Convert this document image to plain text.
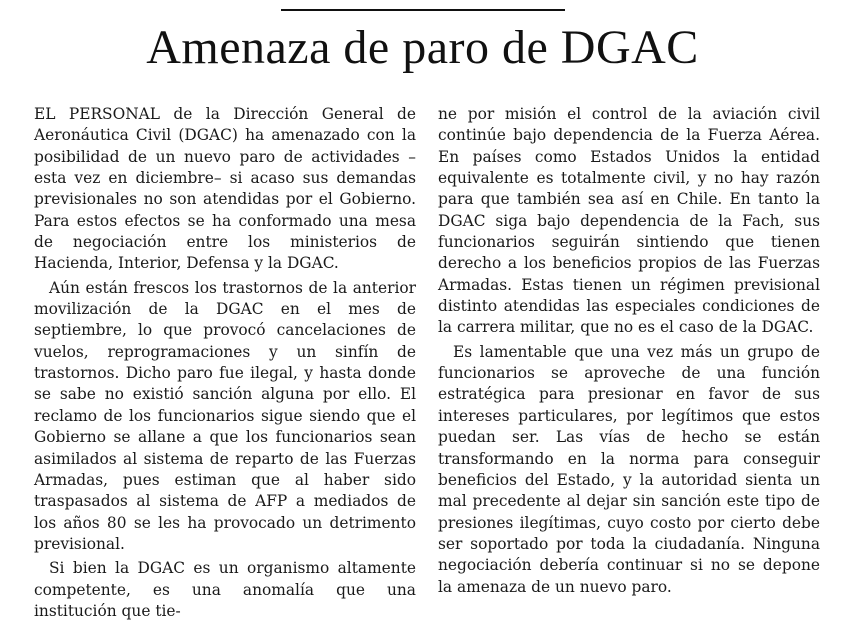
Amenaza de paro de DGAC

EL PERSONAL de la Dirección General de Aeronáutica Civil (DGAC) ha amenazado con la posibilidad de un nuevo paro de actividades –esta vez en diciembre– si acaso sus demandas previsionales no son atendidas por el Gobierno. Para estos efectos se ha conformado una mesa de negociación entre los ministerios de Hacienda, Interior, Defensa y la DGAC.

Aún están frescos los trastornos de la anterior movilización de la DGAC en el mes de septiembre, lo que provocó cancelaciones de vuelos, reprogramaciones y un sinfín de trastornos. Dicho paro fue ilegal, y hasta donde se sabe no existió sanción alguna por ello. El reclamo de los funcionarios sigue siendo que el Gobierno se allane a que los funcionarios sean asimilados al sistema de reparto de las Fuerzas Armadas, pues estiman que al haber sido traspasados al sistema de AFP a mediados de los años 80 se les ha provocado un detrimento previsional.

Si bien la DGAC es un organismo altamente competente, es una anomalía que una institución que tie-

ne por misión el control de la aviación civil continúe bajo dependencia de la Fuerza Aérea. En países como Estados Unidos la entidad equivalente es totalmente civil, y no hay razón para que también sea así en Chile. En tanto la DGAC siga bajo dependencia de la Fach, sus funcionarios seguirán sintiendo que tienen derecho a los beneficios propios de las Fuerzas Armadas. Estas tienen un régimen previsional distinto atendidas las especiales condiciones de la carrera militar, que no es el caso de la DGAC.

Es lamentable que una vez más un grupo de funcionarios se aproveche de una función estratégica para presionar en favor de sus intereses particulares, por legítimos que estos puedan ser. Las vías de hecho se están transformando en la norma para conseguir beneficios del Estado, y la autoridad sienta un mal precedente al dejar sin sanción este tipo de presiones ilegítimas, cuyo costo por cierto debe ser soportado por toda la ciudadanía. Ninguna negociación debería continuar si no se depone la amenaza de un nuevo paro.
